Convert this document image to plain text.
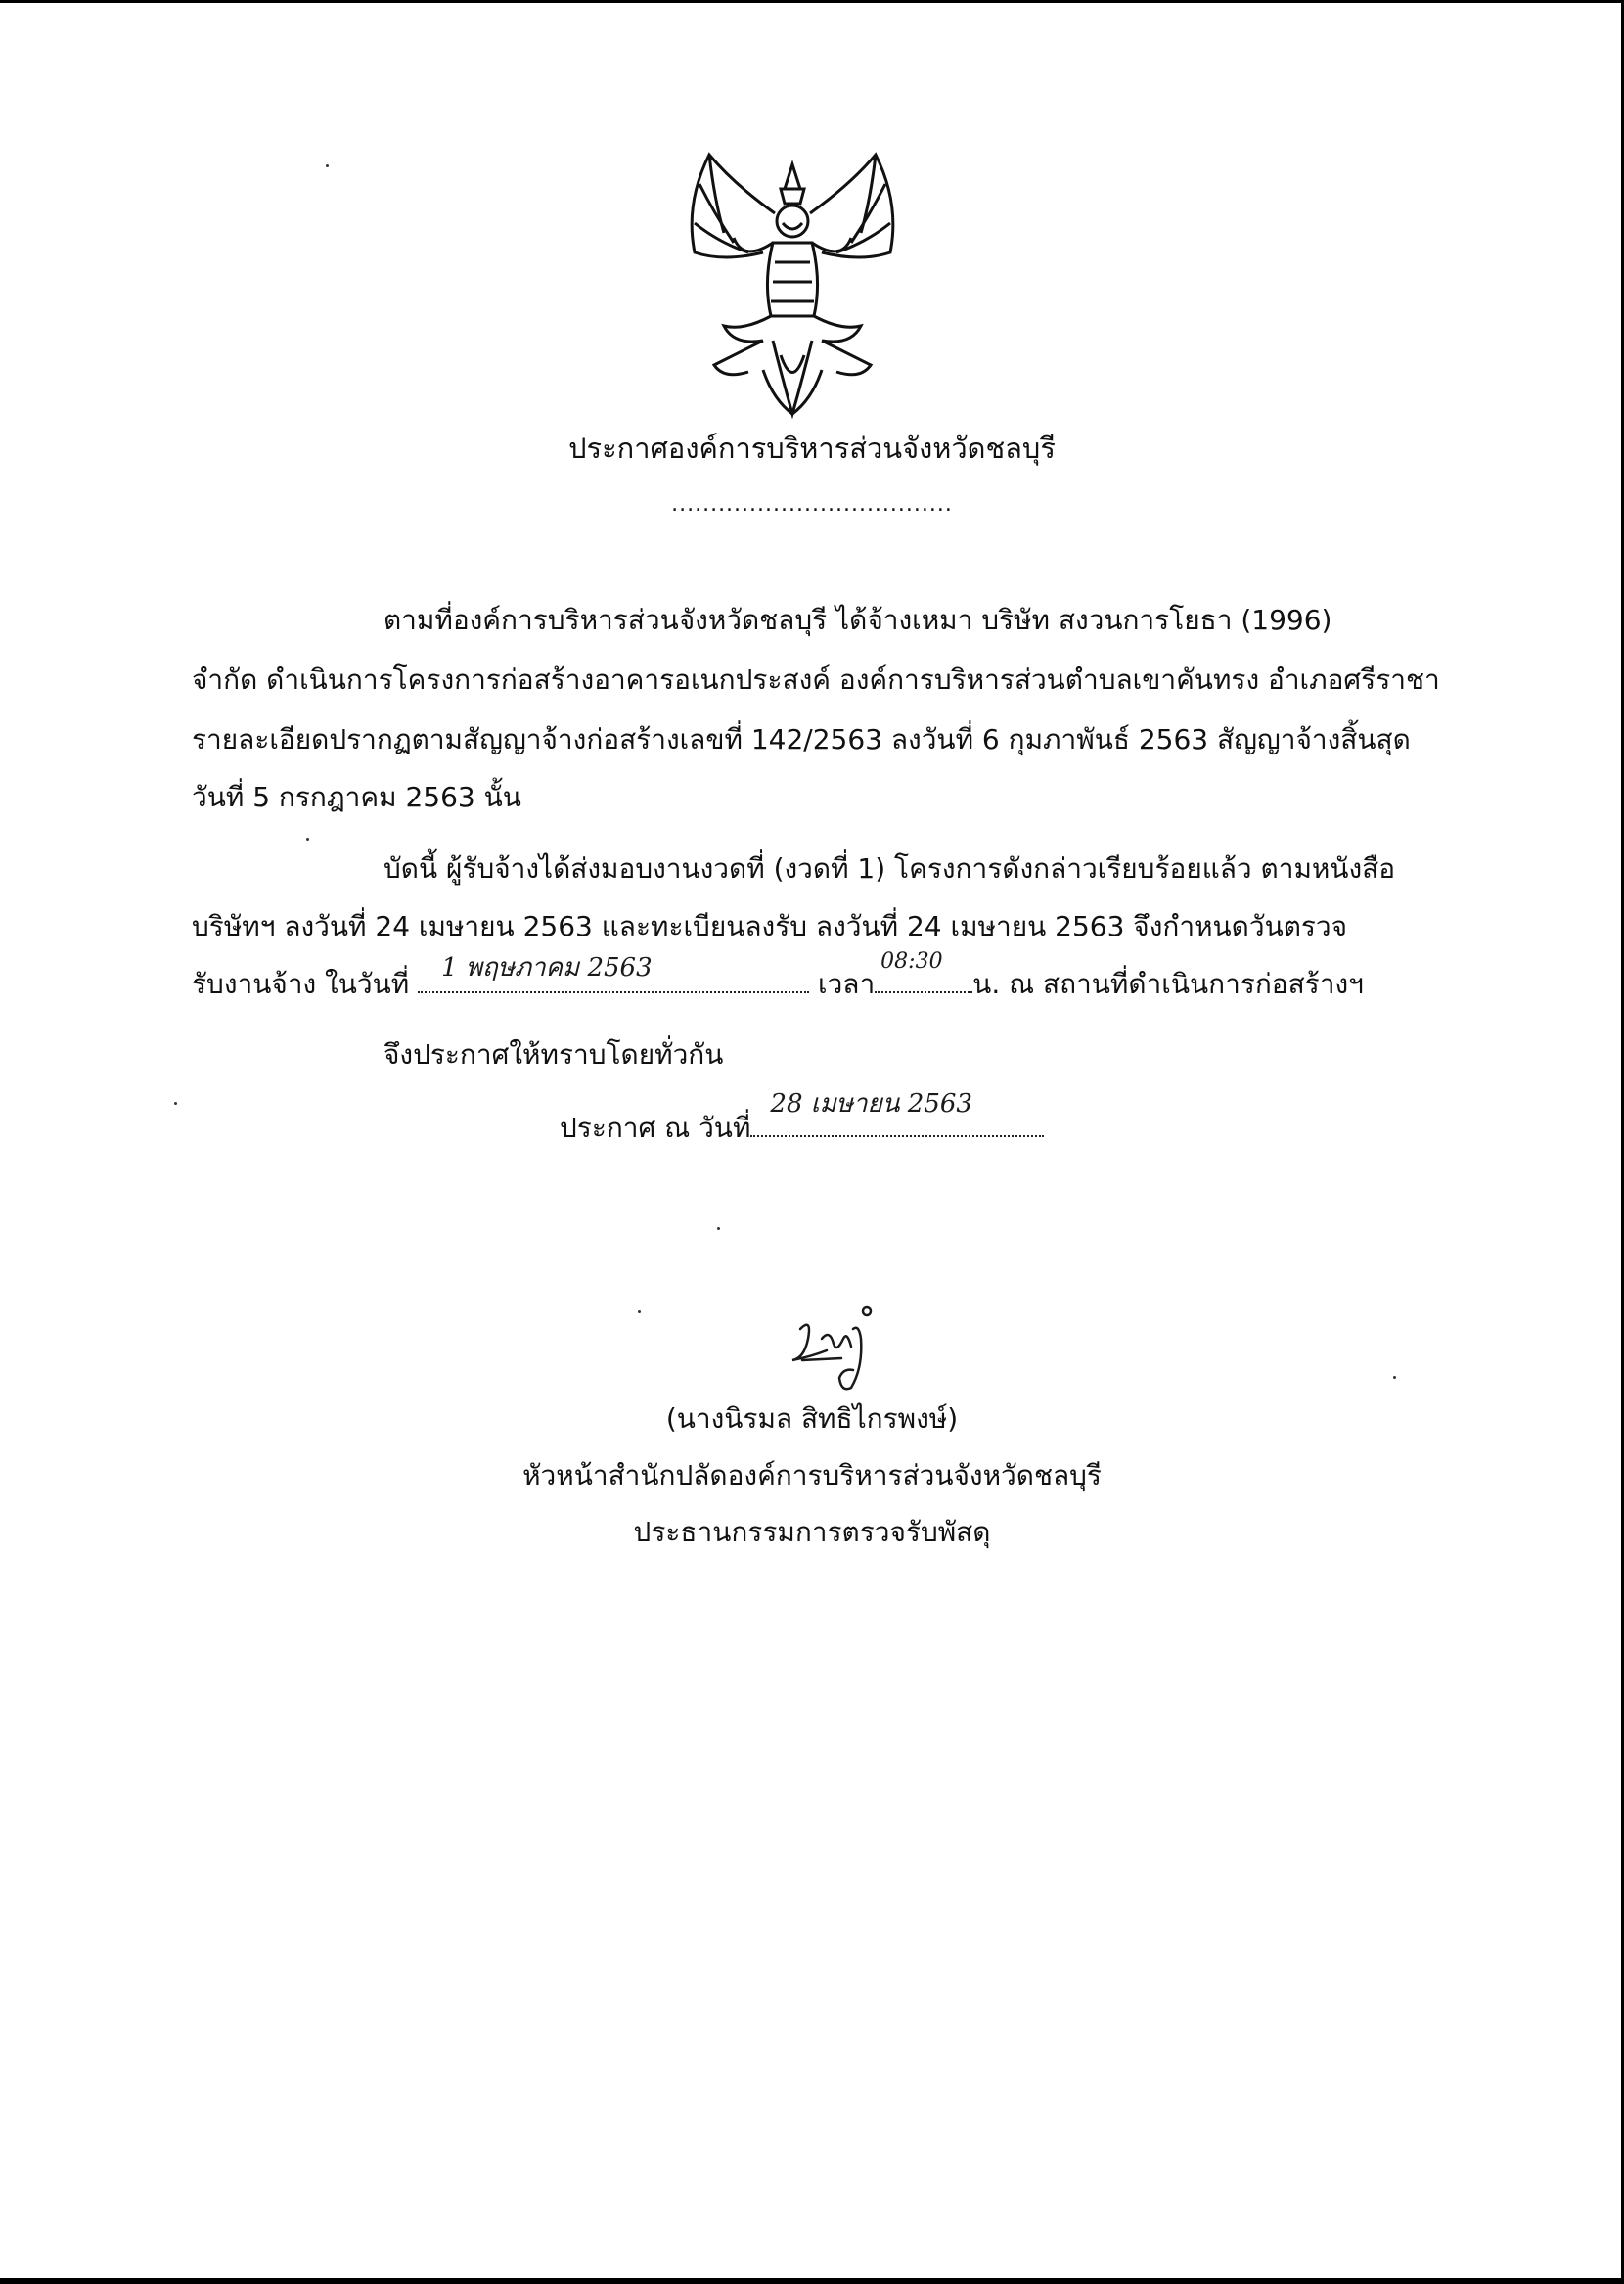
ประกาศองค์การบริหารส่วนจังหวัดชลบุรี
....................................
ตามที่องค์การบริหารส่วนจังหวัดชลบุรี ได้จ้างเหมา บริษัท สงวนการโยธา (1996)
จำกัด ดำเนินการโครงการก่อสร้างอาคารอเนกประสงค์ องค์การบริหารส่วนตำบลเขาคันทรง อำเภอศรีราชา
รายละเอียดปรากฏตามสัญญาจ้างก่อสร้างเลขที่ 142/2563 ลงวันที่ 6 กุมภาพันธ์ 2563 สัญญาจ้างสิ้นสุด
วันที่ 5 กรกฎาคม 2563 นั้น
บัดนี้ ผู้รับจ้างได้ส่งมอบงานงวดที่ (งวดที่ 1) โครงการดังกล่าวเรียบร้อยแล้ว ตามหนังสือ
บริษัทฯ ลงวันที่ 24 เมษายน 2563 และทะเบียนลงรับ ลงวันที่ 24 เมษายน 2563 จึงกำหนดวันตรวจ
รับงานจ้าง ในวันที่ 1 พฤษภาคม 2563	เวลา
08:30
น. ณ สถานที่ดำเนินการก่อสร้างฯ
จึงประกาศให้ทราบโดยทั่วกัน
ประกาศ ณ วันที่
28 เมษายน 2563
(นางนิรมล สิทธิไกรพงษ์)
หัวหน้าสำนักปลัดองค์การบริหารส่วนจังหวัดชลบุรี
ประธานกรรมการตรวจรับพัสดุ
